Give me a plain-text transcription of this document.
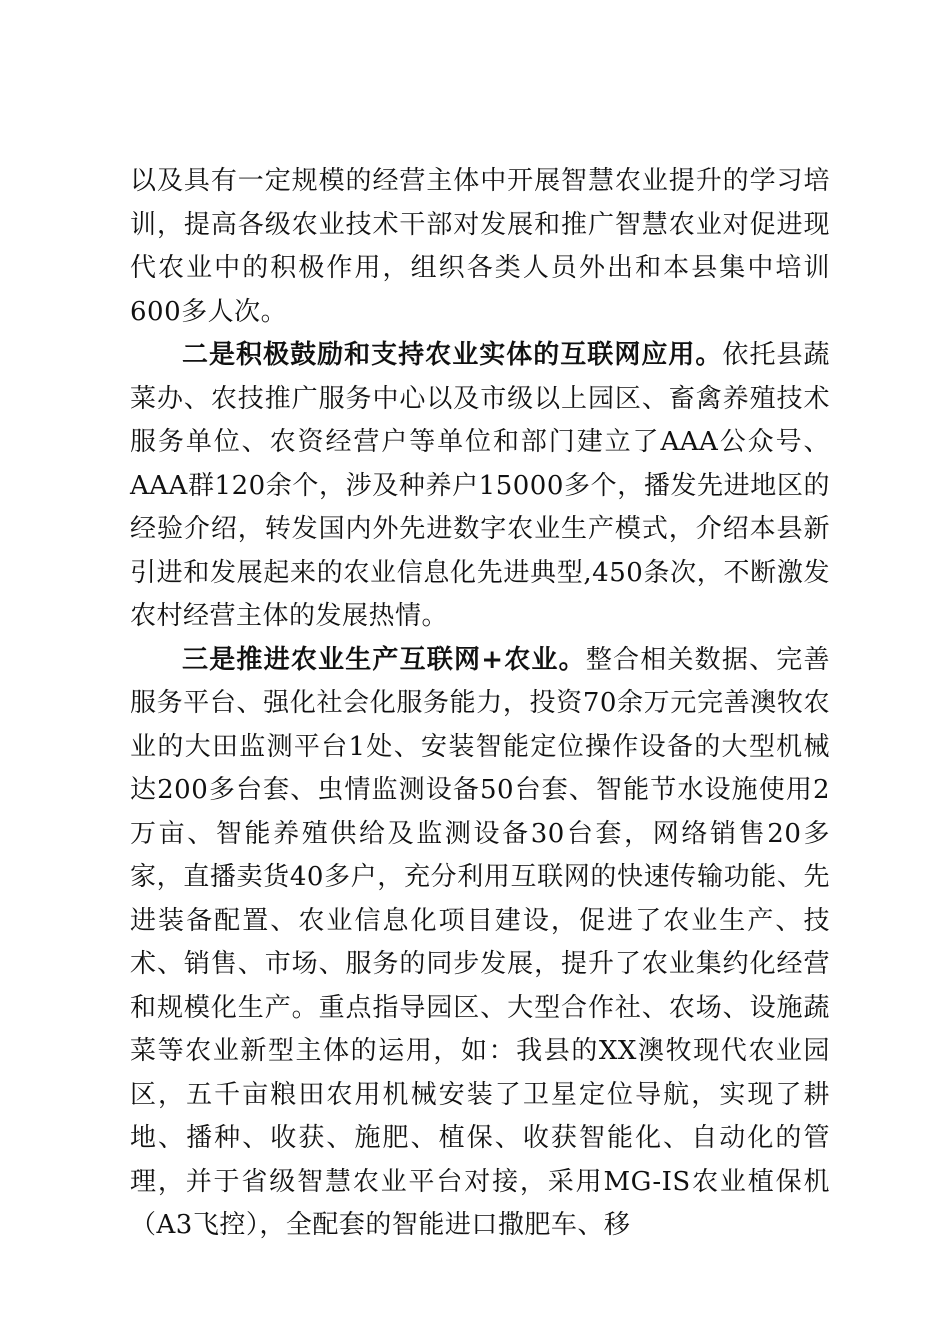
以及具有一定规模的经营主体中开展智慧农业提升的学习培训，提高各级农业技术干部对发展和推广智慧农业对促进现代农业中的积极作用，组织各类人员外出和本县集中培训600多人次。

二是积极鼓励和支持农业实体的互联网应用。依托县蔬菜办、农技推广服务中心以及市级以上园区、畜禽养殖技术服务单位、农资经营户等单位和部门建立了AAA公众号、AAA群120余个，涉及种养户15000多个，播发先进地区的经验介绍，转发国内外先进数字农业生产模式，介绍本县新引进和发展起来的农业信息化先进典型,450条次，不断激发农村经营主体的发展热情。

三是推进农业生产互联网+农业。整合相关数据、完善服务平台、强化社会化服务能力，投资70余万元完善澳牧农业的大田监测平台1处、安装智能定位操作设备的大型机械达200多台套、虫情监测设备50台套、智能节水设施使用2万亩、智能养殖供给及监测设备30台套，网络销售20多家，直播卖货40多户，充分利用互联网的快速传输功能、先进装备配置、农业信息化项目建设，促进了农业生产、技术、销售、市场、服务的同步发展，提升了农业集约化经营和规模化生产。重点指导园区、大型合作社、农场、设施蔬菜等农业新型主体的运用，如：我县的XX澳牧现代农业园区，五千亩粮田农用机械安装了卫星定位导航，实现了耕地、播种、收获、施肥、植保、收获智能化、自动化的管理，并于省级智慧农业平台对接，采用MG-IS农业植保机（A3飞控），全配套的智能进口撒肥车、移
